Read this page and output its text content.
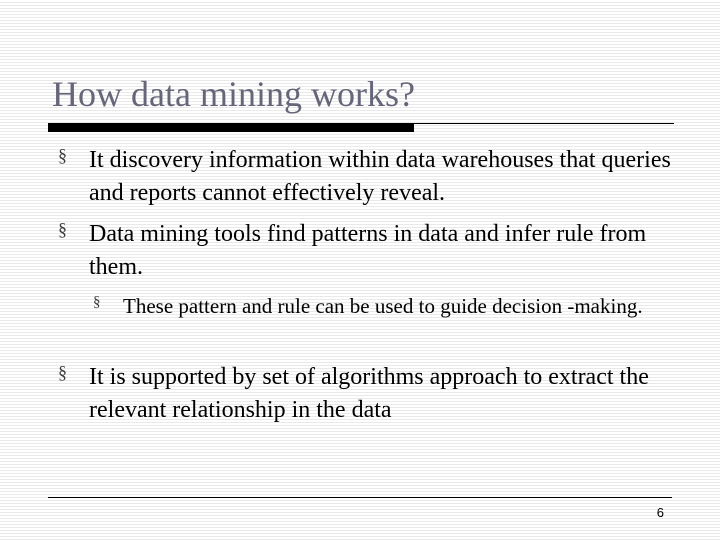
How data mining works?
§ It discovery information within data warehouses that queries and reports cannot effectively reveal.
§ Data mining tools find patterns in data and infer rule from them.
§ These pattern and rule can be used to guide decision -making.
§ It is supported by set of algorithms approach to extract the relevant relationship in the data
6
